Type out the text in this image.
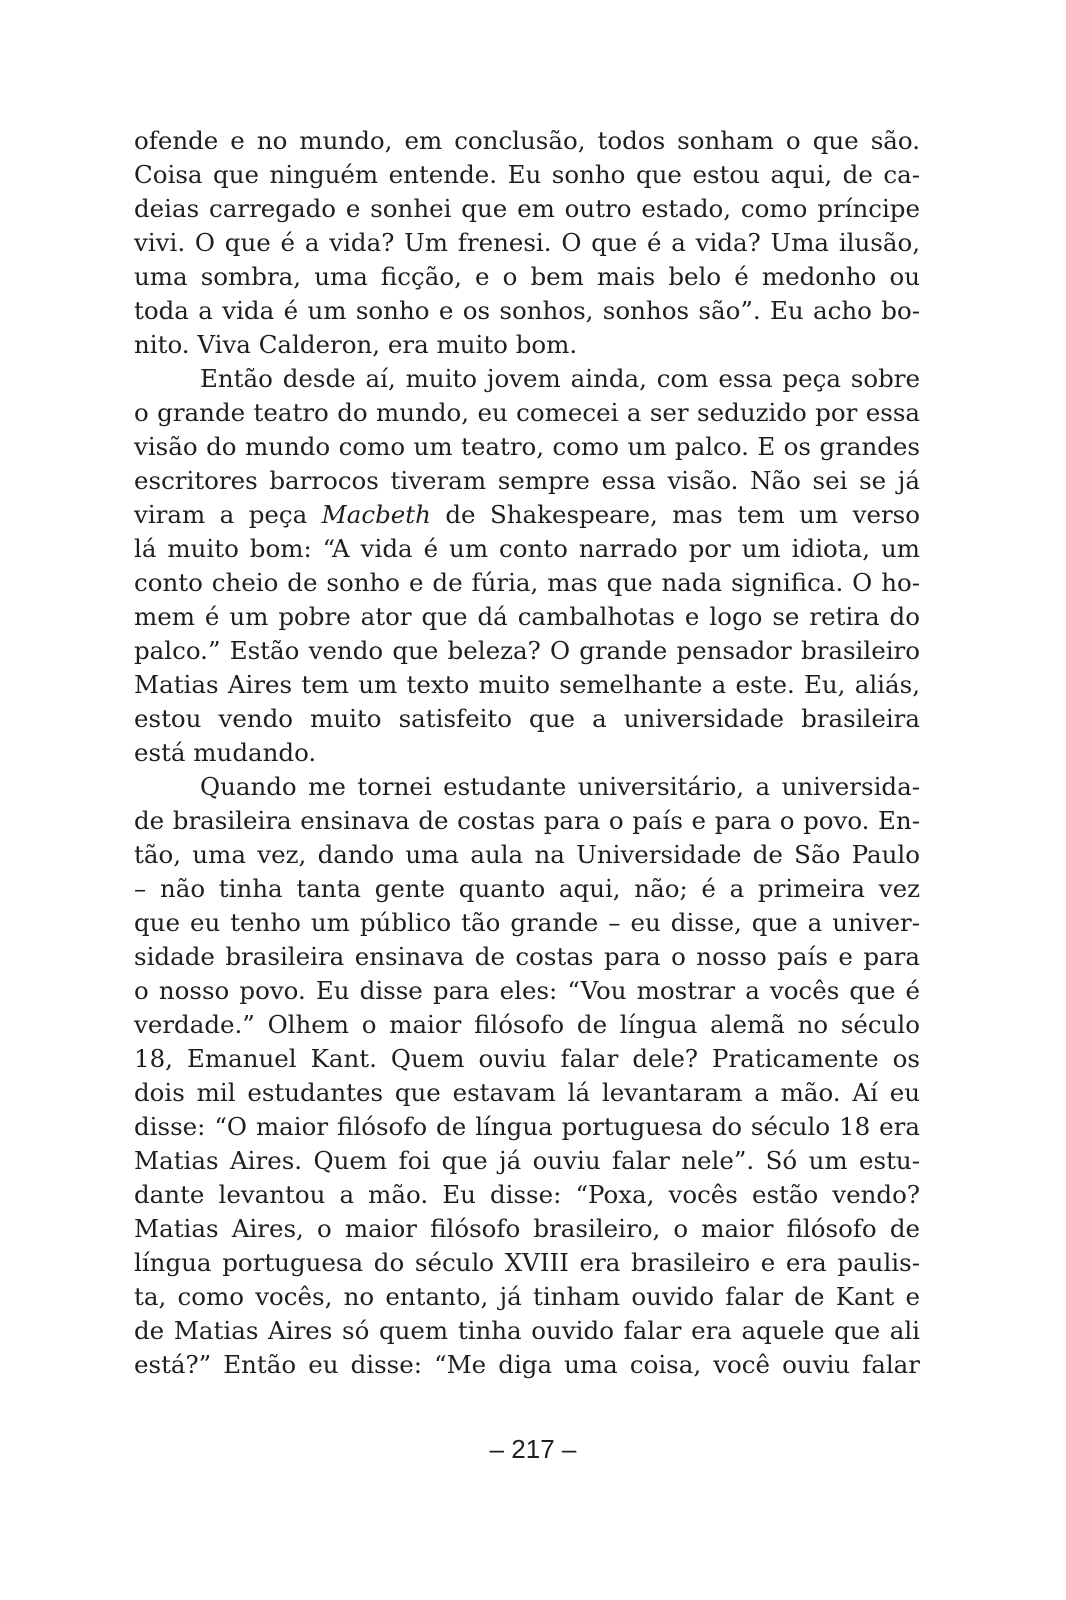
ofende e no mundo, em conclusão, todos sonham o que são.
Coisa que ninguém entende. Eu sonho que estou aqui, de ca-
deias carregado e sonhei que em outro estado, como príncipe
vivi. O que é a vida? Um frenesi. O que é a vida? Uma ilusão,
uma sombra, uma ficção, e o bem mais belo é medonho ou
toda a vida é um sonho e os sonhos, sonhos são”. Eu acho bo-
nito. Viva Calderon, era muito bom.
Então desde aí, muito jovem ainda, com essa peça sobre
o grande teatro do mundo, eu comecei a ser seduzido por essa
visão do mundo como um teatro, como um palco. E os grandes
escritores barrocos tiveram sempre essa visão. Não sei se já
viram a peça Macbeth de Shakespeare, mas tem um verso
lá muito bom: “A vida é um conto narrado por um idiota, um
conto cheio de sonho e de fúria, mas que nada significa. O ho-
mem é um pobre ator que dá cambalhotas e logo se retira do
palco.” Estão vendo que beleza? O grande pensador brasileiro
Matias Aires tem um texto muito semelhante a este. Eu, aliás,
estou vendo muito satisfeito que a universidade brasileira
está mudando.
Quando me tornei estudante universitário, a universida-
de brasileira ensinava de costas para o país e para o povo. En-
tão, uma vez, dando uma aula na Universidade de São Paulo
– não tinha tanta gente quanto aqui, não; é a primeira vez
que eu tenho um público tão grande – eu disse, que a univer-
sidade brasileira ensinava de costas para o nosso país e para
o nosso povo. Eu disse para eles: “Vou mostrar a vocês que é
verdade.” Olhem o maior filósofo de língua alemã no século
18, Emanuel Kant. Quem ouviu falar dele? Praticamente os
dois mil estudantes que estavam lá levantaram a mão. Aí eu
disse: “O maior filósofo de língua portuguesa do século 18 era
Matias Aires. Quem foi que já ouviu falar nele”. Só um estu-
dante levantou a mão. Eu disse: “Poxa, vocês estão vendo?
Matias Aires, o maior filósofo brasileiro, o maior filósofo de
língua portuguesa do século XVIII era brasileiro e era paulis-
ta, como vocês, no entanto, já tinham ouvido falar de Kant e
de Matias Aires só quem tinha ouvido falar era aquele que ali
está?” Então eu disse: “Me diga uma coisa, você ouviu falar
– 217 –
